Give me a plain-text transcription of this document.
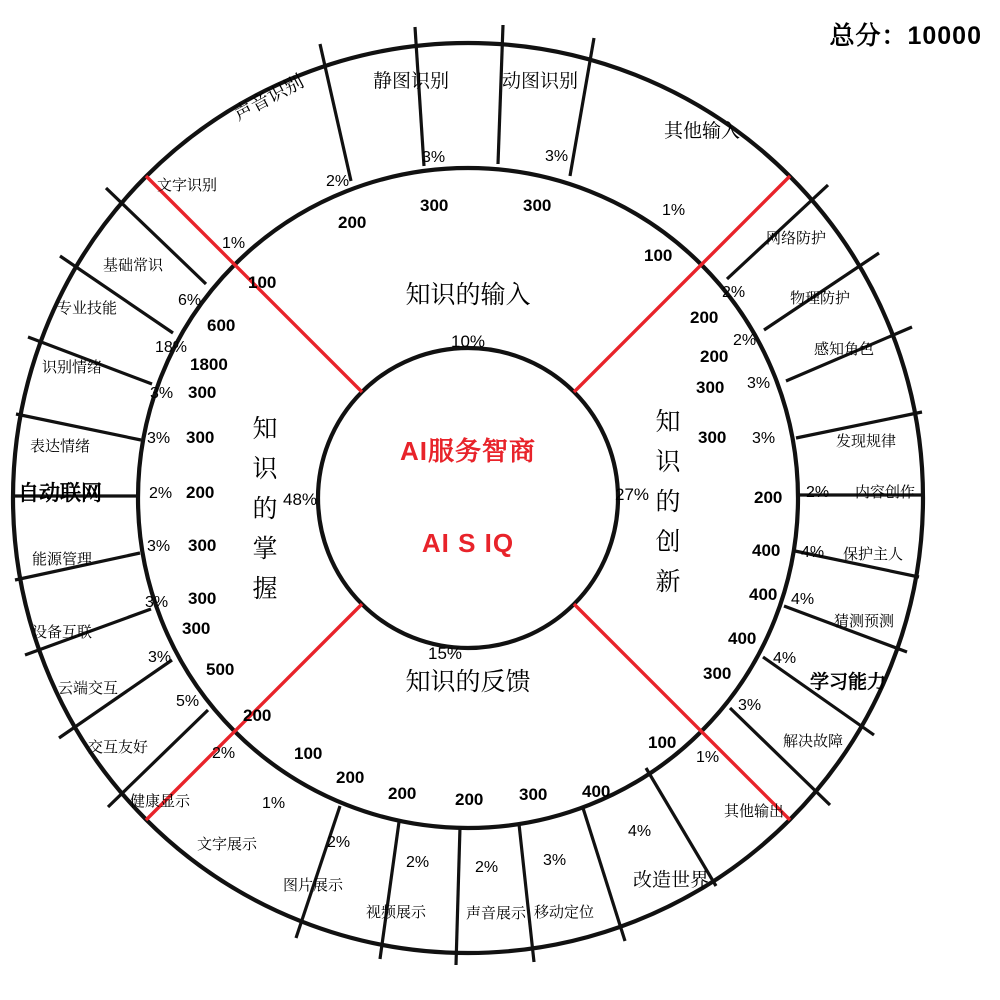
总分：10000
文字识别
1%
100
声音识别
2%
200
静图识别
3%
300
动图识别
3%
300
其他输入
1%
100
网络防护
2%
200
物理防护
2%
200	感知角色
3%
300
发现规律
3%
300
内容创作
2%
200
保护主人
4%
400
猜测预测
4%
400
学习能力
4%
400
解决故障
3%
300
其他输出
1%
100
改造世界
4%
400
移动定位
3%
300
声音展示
2%
200
视频展示
2%
200
图片展示
2%
200
文字展示
1%
100
健康显示
2%
200
交互友好
5%
500
云端交互
3%
300
设备互联
3% 300
能源管理
3% 300
自动联网	2% 200
表达情绪	3% 300
识别情绪
3% 300
专业技能
18%
1800
基础常识
6%
600
知识的输入
10%
知识的反馈
15%
知
识
的
掌
握
48%
知
识
的
创
新
27%
AI服务智商
AI S IQ
